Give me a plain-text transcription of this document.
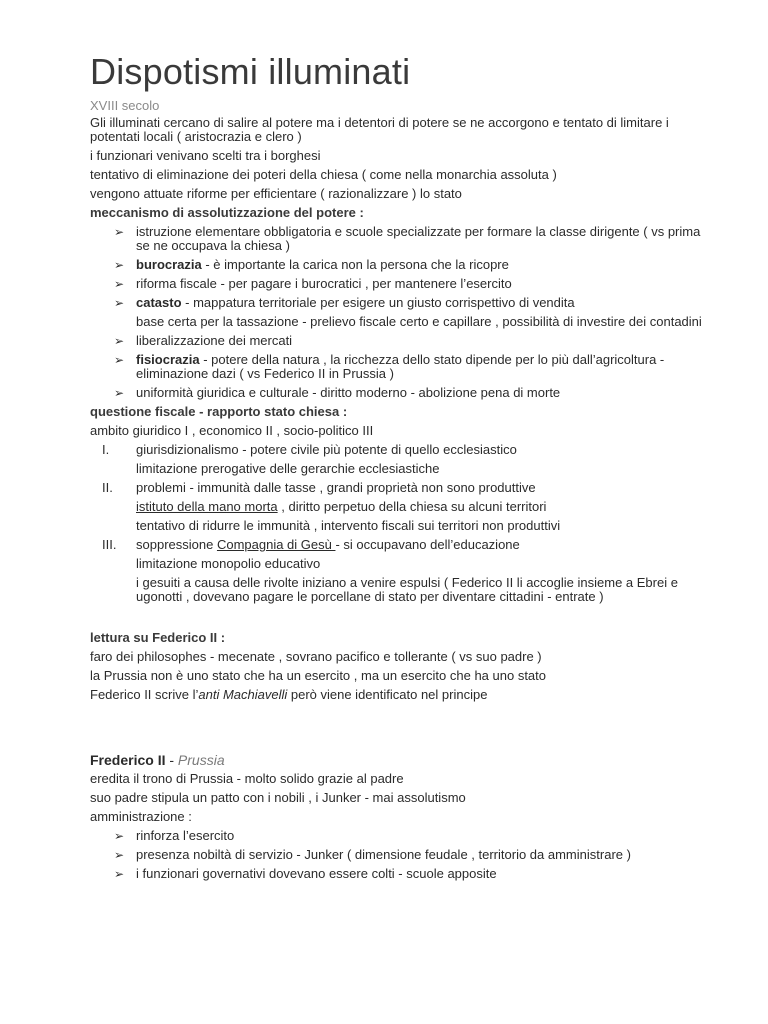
Dispotismi illuminati
XVIII secolo
Gli illuminati cercano di salire al potere ma i detentori di potere se ne accorgono e tentato di limitare i potentati locali ( aristocrazia e clero )
i funzionari venivano scelti tra i borghesi
tentativo di eliminazione dei poteri della chiesa ( come nella monarchia assoluta )
vengono attuate riforme per efficientare ( razionalizzare ) lo stato
meccanismo di assolutizzazione del potere :
➢ istruzione elementare obbligatoria e scuole specializzate per formare la classe dirigente ( vs prima se ne occupava la chiesa )
➢ burocrazia - è importante la carica non la persona che la ricopre
➢ riforma fiscale - per pagare i burocratici , per mantenere l’esercito
➢ catasto - mappatura territoriale per esigere un giusto corrispettivo di vendita
base certa per la tassazione - prelievo fiscale certo e capillare , possibilità di investire dei contadini
➢ liberalizzazione dei mercati
➢ fisiocrazia - potere della natura , la ricchezza dello stato dipende per lo più dall’agricoltura - eliminazione dazi ( vs Federico II in Prussia )
➢ uniformità giuridica e culturale - diritto moderno - abolizione pena di morte
questione fiscale - rapporto stato chiesa :
ambito giuridico I , economico II , socio-politico III
I. giurisdizionalismo - potere civile più potente di quello ecclesiastico
limitazione prerogative delle gerarchie ecclesiastiche
II. problemi - immunità dalle tasse , grandi proprietà non sono produttive
istituto della mano morta , diritto perpetuo della chiesa su alcuni territori
tentativo di ridurre le immunità , intervento fiscali sui territori non produttivi
III. soppressione Compagnia di Gesù - si occupavano dell’educazione
limitazione monopolio educativo
i gesuiti a causa delle rivolte iniziano a venire espulsi ( Federico II li accoglie insieme a Ebrei e ugonotti , dovevano pagare le porcellane di stato per diventare cittadini - entrate )
lettura su Federico II :
faro dei philosophes - mecenate , sovrano pacifico e tollerante ( vs suo padre )
la Prussia non è uno stato che ha un esercito , ma un esercito che ha uno stato
Federico II scrive l’anti Machiavelli però viene identificato nel principe
Frederico II - Prussia
eredita il trono di Prussia - molto solido grazie al padre
suo padre stipula un patto con i nobili , i Junker - mai assolutismo
amministrazione :
➢ rinforza l’esercito
➢ presenza nobiltà di servizio - Junker ( dimensione feudale , territorio da amministrare )
➢ i funzionari governativi dovevano essere colti - scuole apposite
